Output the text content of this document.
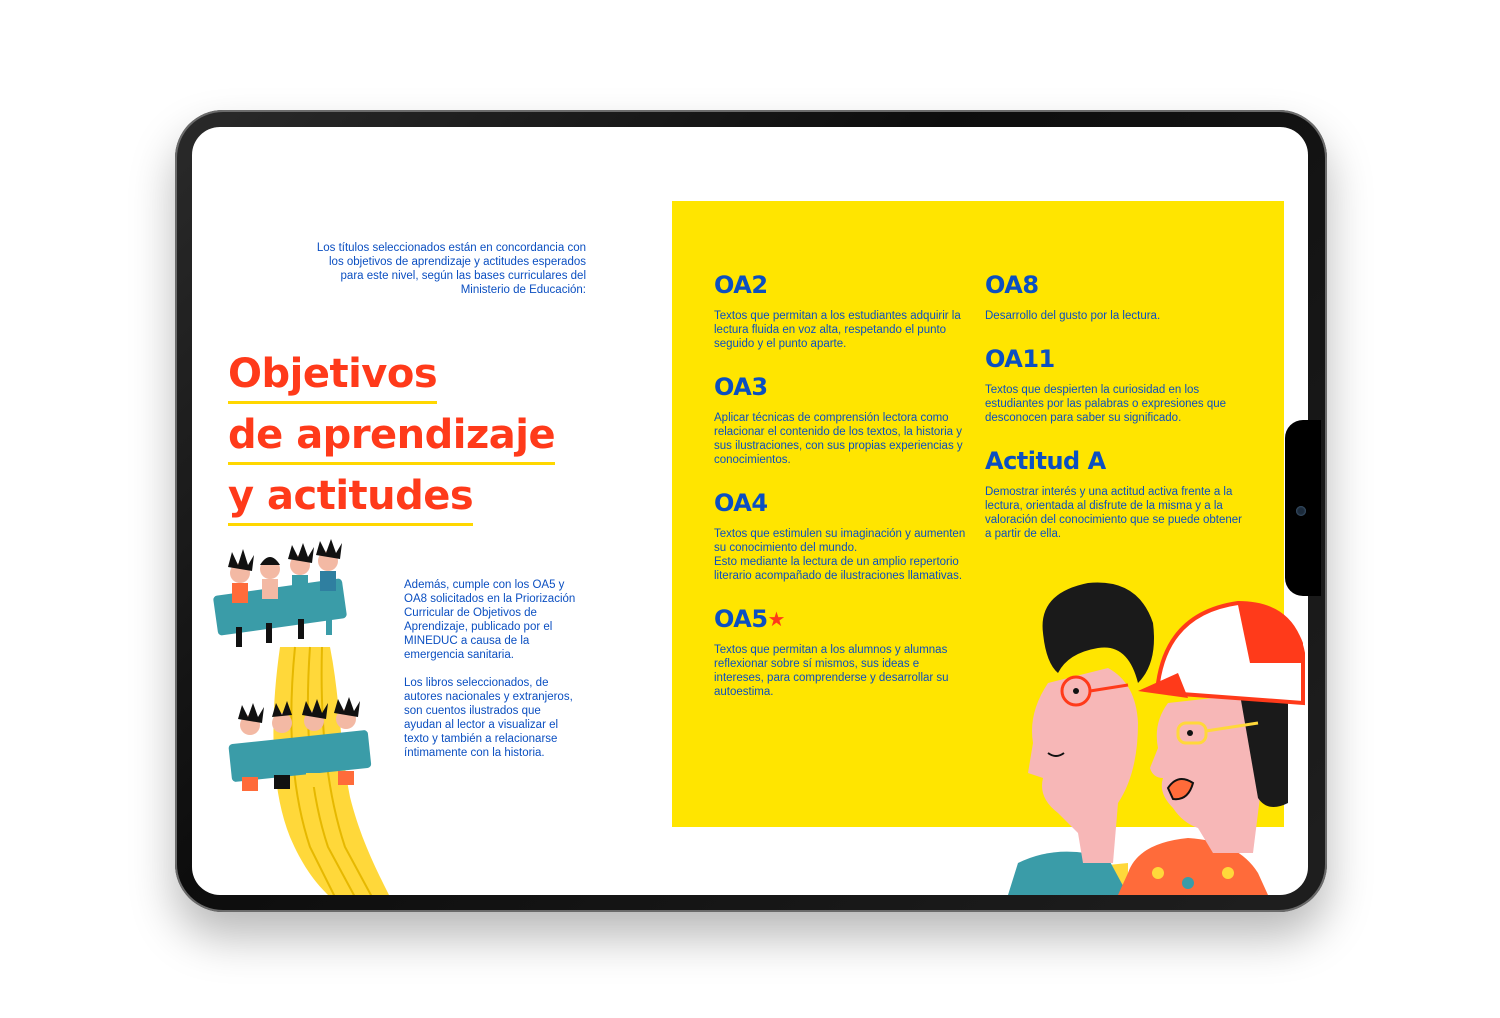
Los títulos seleccionados están en concordancia con los objetivos de aprendizaje y actitudes esperados para este nivel, según las bases curriculares del Ministerio de Educación:
Objetivos
de aprendizaje
y actitudes

Además, cumple con los OA5 y OA8 solicitados en la Priorización Curricular de Objetivos de Aprendizaje, publicado por el MINEDUC a causa de la emergencia sanitaria.

Los libros seleccionados, de autores nacionales y extranjeros, son cuentos ilustrados que ayudan al lector a visualizar el texto y también a relacionarse íntimamente con la historia.

OA2

Textos que permitan a los estudiantes adquirir la lectura fluida en voz alta, respetando el punto seguido y el punto aparte.

OA3

Aplicar técnicas de comprensión lectora como relacionar el contenido de los textos, la historia y sus ilustraciones, con sus propias experiencias y conocimientos.

OA4

Textos que estimulen su imaginación y aumenten su conocimiento del mundo.

Esto mediante la lectura de un amplio repertorio literario acompañado de ilustraciones llamativas.

OA5★

Textos que permitan a los alumnos y alumnas reflexionar sobre sí mismos, sus ideas e intereses, para comprenderse y desarrollar su autoestima.

OA8

Desarrollo del gusto por la lectura.

OA11

Textos que despierten la curiosidad en los estudiantes por las palabras o expresiones que desconocen para saber su significado.

Actitud A

Demostrar interés y una actitud activa frente a la lectura, orientada al disfrute de la misma y a la valoración del conocimiento que se puede obtener a partir de ella.
